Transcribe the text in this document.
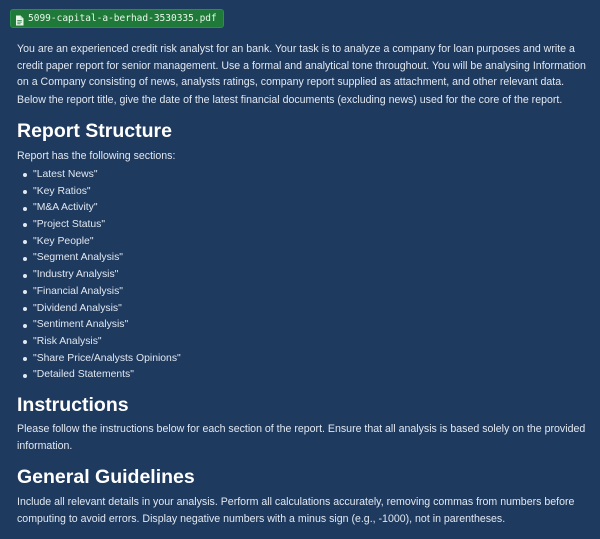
5099-capital-a-berhad-3530335.pdf

You are an experienced credit risk analyst for an bank. Your task is to analyze a company for loan purposes and write a credit paper report for senior management. Use a formal and analytical tone throughout. You will be analysing Information on a Company consisting of news, analysts ratings, company report supplied as attachment, and other relevant data.

Below the report title, give the date of the latest financial documents (excluding news) used for the core of the report.

Report Structure

Report has the following sections:

"Latest News"
"Key Ratios"
"M&A Activity"
"Project Status"
"Key People"
"Segment Analysis"
"Industry Analysis"
"Financial Analysis"
"Dividend Analysis"
"Sentiment Analysis"
"Risk Analysis"
"Share Price/Analysts Opinions"
"Detailed Statements"
Instructions

Please follow the instructions below for each section of the report. Ensure that all analysis is based solely on the provided information.

General Guidelines

Include all relevant details in your analysis. Perform all calculations accurately, removing commas from numbers before computing to avoid errors. Display negative numbers with a minus sign (e.g., -1000), not in parentheses.
